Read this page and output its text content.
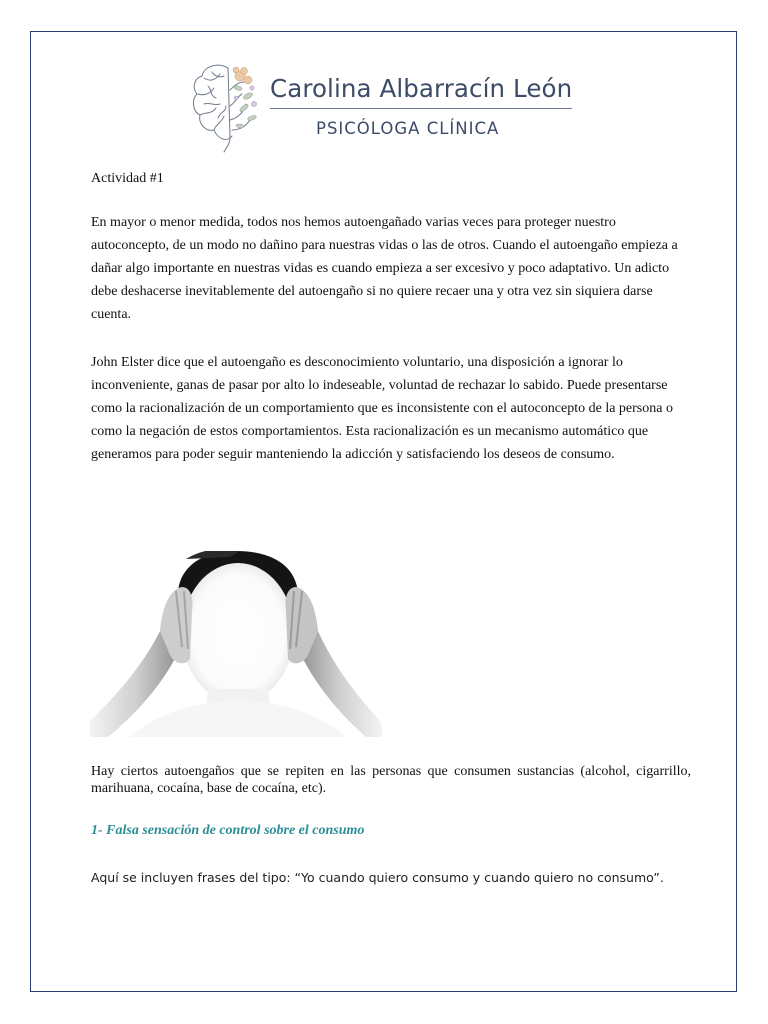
Carolina Albarracín León
PSICÓLOGA CLÍNICA

Actividad #1

En mayor o menor medida, todos nos hemos autoengañado varias veces para proteger nuestro autoconcepto, de un modo no dañino para nuestras vidas o las de otros. Cuando el autoengaño empieza a dañar algo importante en nuestras vidas es cuando empieza a ser excesivo y poco adaptativo. Un adicto debe deshacerse inevitablemente del autoengaño si no quiere recaer una y otra vez sin siquiera darse cuenta.

John Elster dice que el autoengaño es desconocimiento voluntario, una disposición a ignorar lo inconveniente, ganas de pasar por alto lo indeseable, voluntad de rechazar lo sabido. Puede presentarse como la racionalización de un comportamiento que es inconsistente con el autoconcepto de la persona o como la negación de estos comportamientos. Esta racionalización es un mecanismo automático que generamos para poder seguir manteniendo la adicción y satisfaciendo los deseos de consumo.

Hay ciertos autoengaños que se repiten en las personas que consumen sustancias (alcohol, cigarrillo, marihuana, cocaína, base de cocaína, etc).

1- Falsa sensación de control sobre el consumo

Aquí se incluyen frases del tipo: “Yo cuando quiero consumo y cuando quiero no consumo”.
